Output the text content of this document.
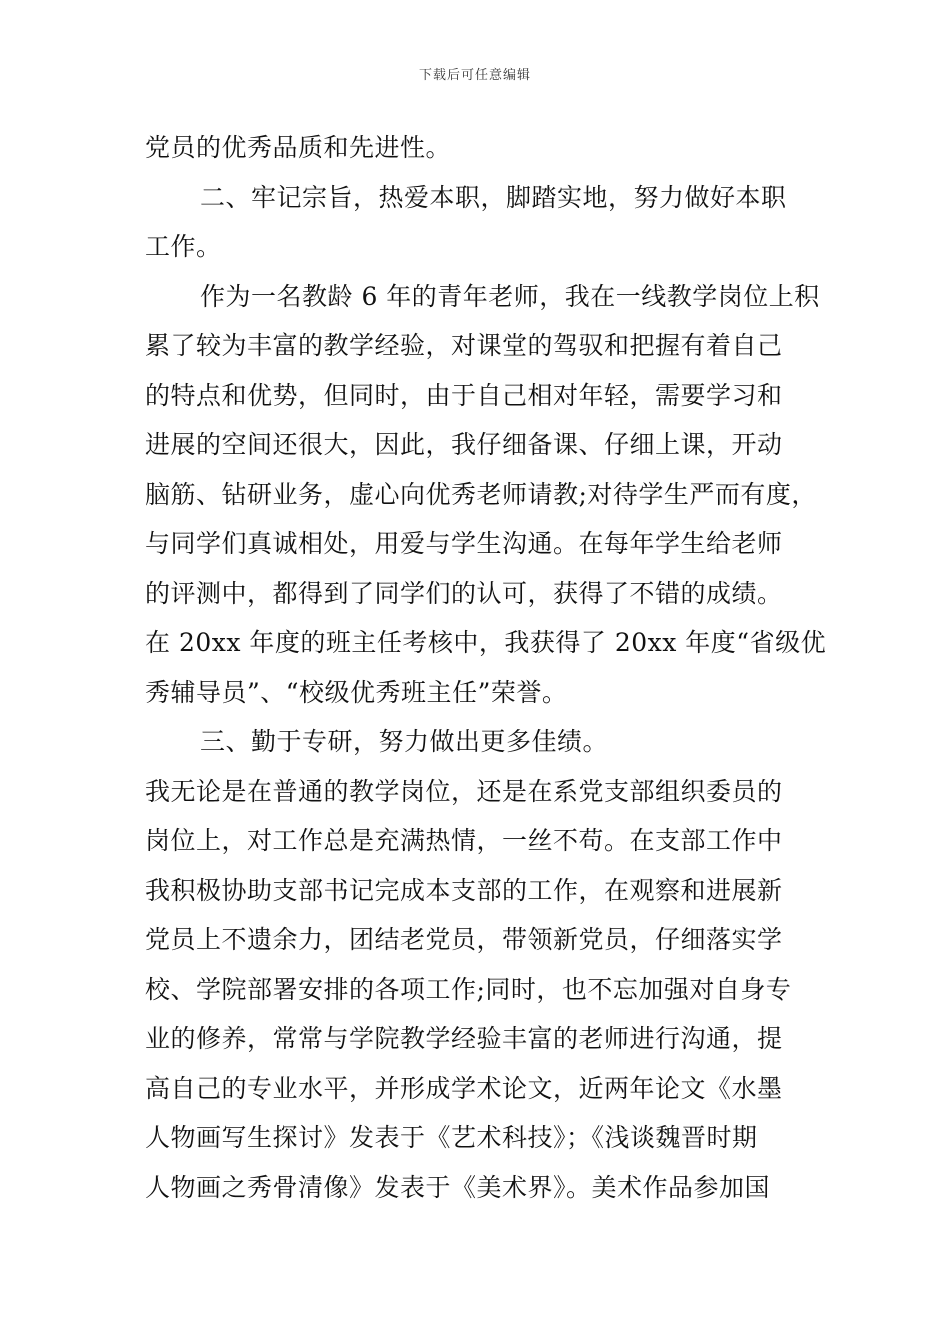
下载后可任意编辑
党员的优秀品质和先进性。
二、牢记宗旨，热爱本职，脚踏实地，努力做好本职
工作。
作为一名教龄 6 年的青年老师，我在一线教学岗位上积
累了较为丰富的教学经验，对课堂的驾驭和把握有着自己
的特点和优势，但同时，由于自己相对年轻，需要学习和
进展的空间还很大，因此，我仔细备课、仔细上课，开动
脑筋、钻研业务，虚心向优秀老师请教;对待学生严而有度，
与同学们真诚相处，用爱与学生沟通。在每年学生给老师
的评测中，都得到了同学们的认可，获得了不错的成绩。
在 20xx 年度的班主任考核中，我获得了 20xx 年度“省级优
秀辅导员”、“校级优秀班主任”荣誉。
三、勤于专研，努力做出更多佳绩。
我无论是在普通的教学岗位，还是在系党支部组织委员的
岗位上，对工作总是充满热情，一丝不苟。在支部工作中
我积极协助支部书记完成本支部的工作，在观察和进展新
党员上不遗余力，团结老党员，带领新党员，仔细落实学
校、学院部署安排的各项工作;同时，也不忘加强对自身专
业的修养，常常与学院教学经验丰富的老师进行沟通，提
高自己的专业水平，并形成学术论文，近两年论文《水墨
人物画写生探讨》发表于《艺术科技》；《浅谈魏晋时期
人物画之秀骨清像》发表于《美术界》。美术作品参加国
